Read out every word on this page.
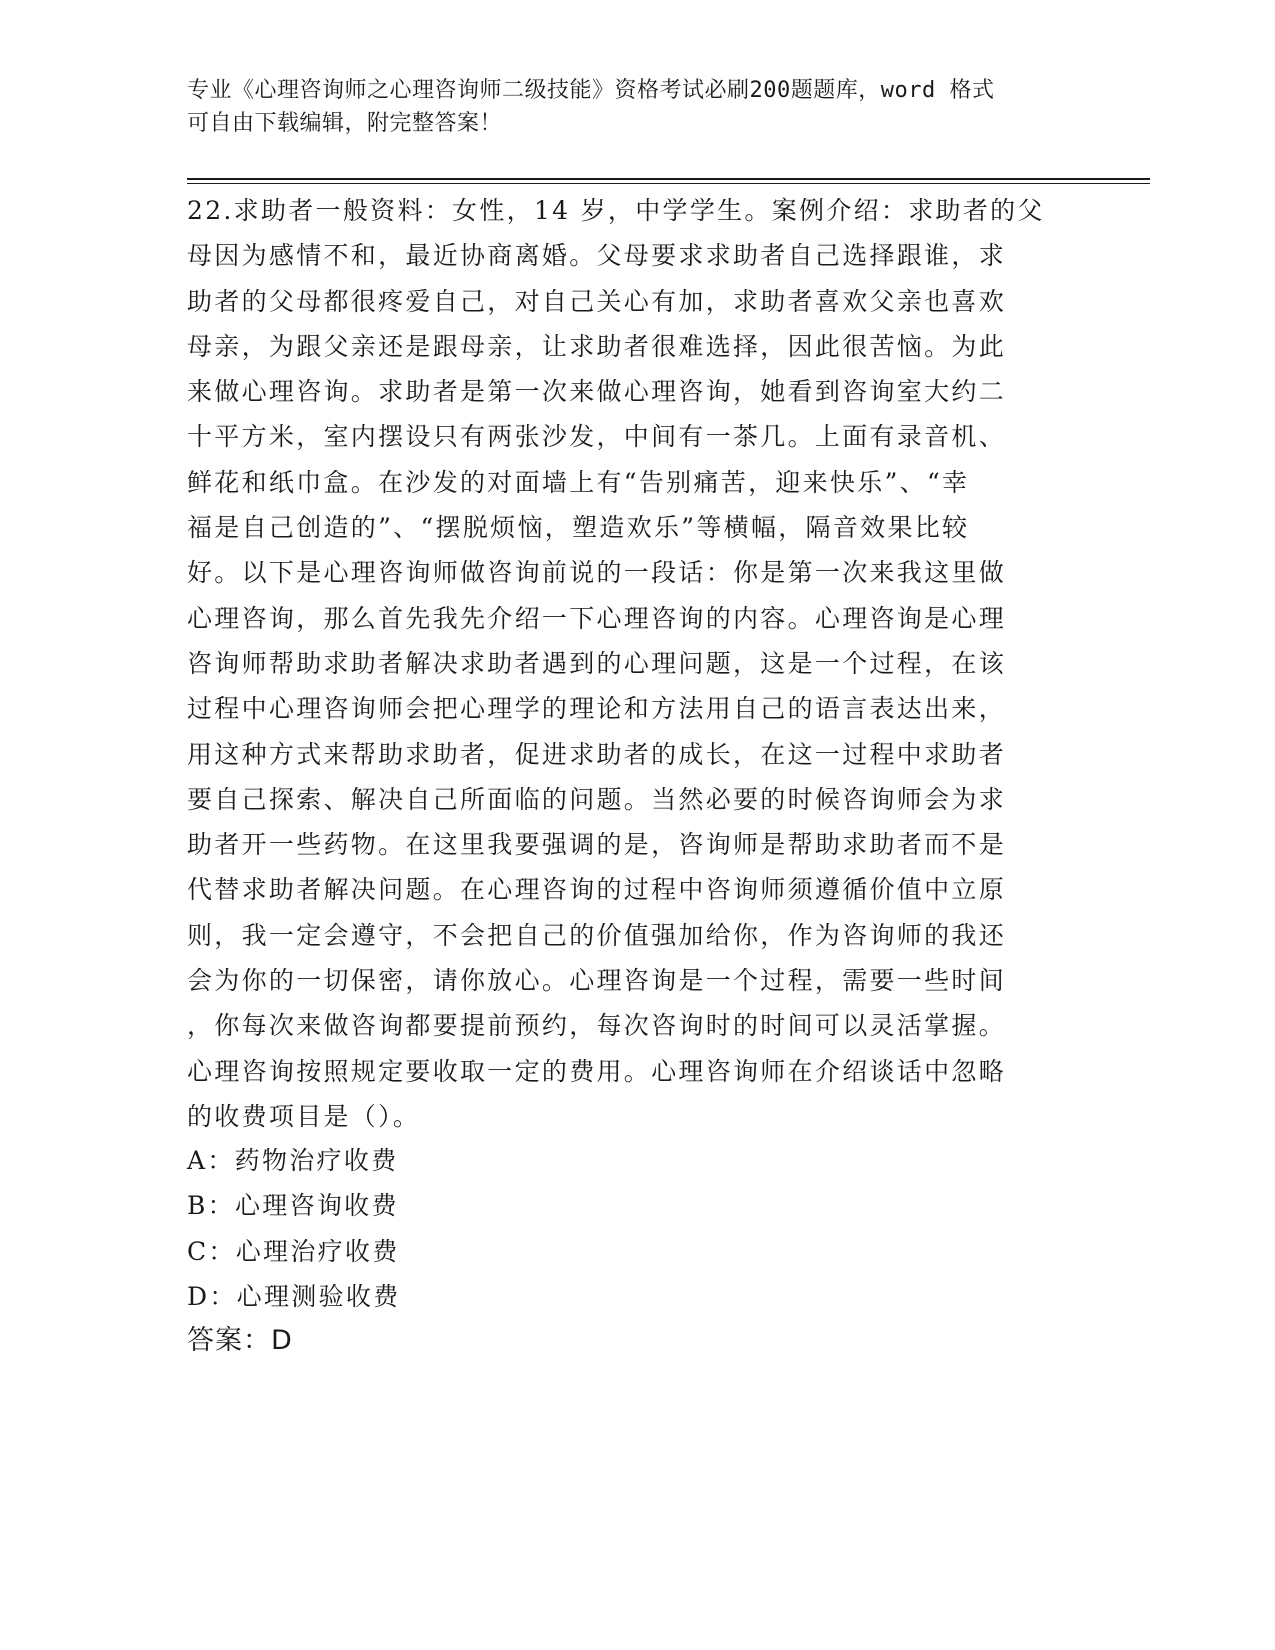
专业《心理咨询师之心理咨询师二级技能》资格考试必刷200题题库，word 格式
可自由下载编辑，附完整答案！
22.求助者一般资料：女性，14 岁，中学学生。案例介绍：求助者的父
母因为感情不和，最近协商离婚。父母要求求助者自己选择跟谁，求
助者的父母都很疼爱自己，对自己关心有加，求助者喜欢父亲也喜欢
母亲，为跟父亲还是跟母亲，让求助者很难选择，因此很苦恼。为此
来做心理咨询。求助者是第一次来做心理咨询，她看到咨询室大约二
十平方米，室内摆设只有两张沙发，中间有一茶几。上面有录音机、
鲜花和纸巾盒。在沙发的对面墙上有“告别痛苦，迎来快乐”、“幸
福是自己创造的”、“摆脱烦恼，塑造欢乐”等横幅，隔音效果比较
好。以下是心理咨询师做咨询前说的一段话：你是第一次来我这里做
心理咨询，那么首先我先介绍一下心理咨询的内容。心理咨询是心理
咨询师帮助求助者解决求助者遇到的心理问题，这是一个过程，在该
过程中心理咨询师会把心理学的理论和方法用自己的语言表达出来，
用这种方式来帮助求助者，促进求助者的成长，在这一过程中求助者
要自己探索、解决自己所面临的问题。当然必要的时候咨询师会为求
助者开一些药物。在这里我要强调的是，咨询师是帮助求助者而不是
代替求助者解决问题。在心理咨询的过程中咨询师须遵循价值中立原
则，我一定会遵守，不会把自己的价值强加给你，作为咨询师的我还
会为你的一切保密，请你放心。心理咨询是一个过程，需要一些时间
，你每次来做咨询都要提前预约，每次咨询时的时间可以灵活掌握。
心理咨询按照规定要收取一定的费用。心理咨询师在介绍谈话中忽略
的收费项目是（）。
A：药物治疗收费
B：心理咨询收费
C：心理治疗收费
D：心理测验收费
答案：D
